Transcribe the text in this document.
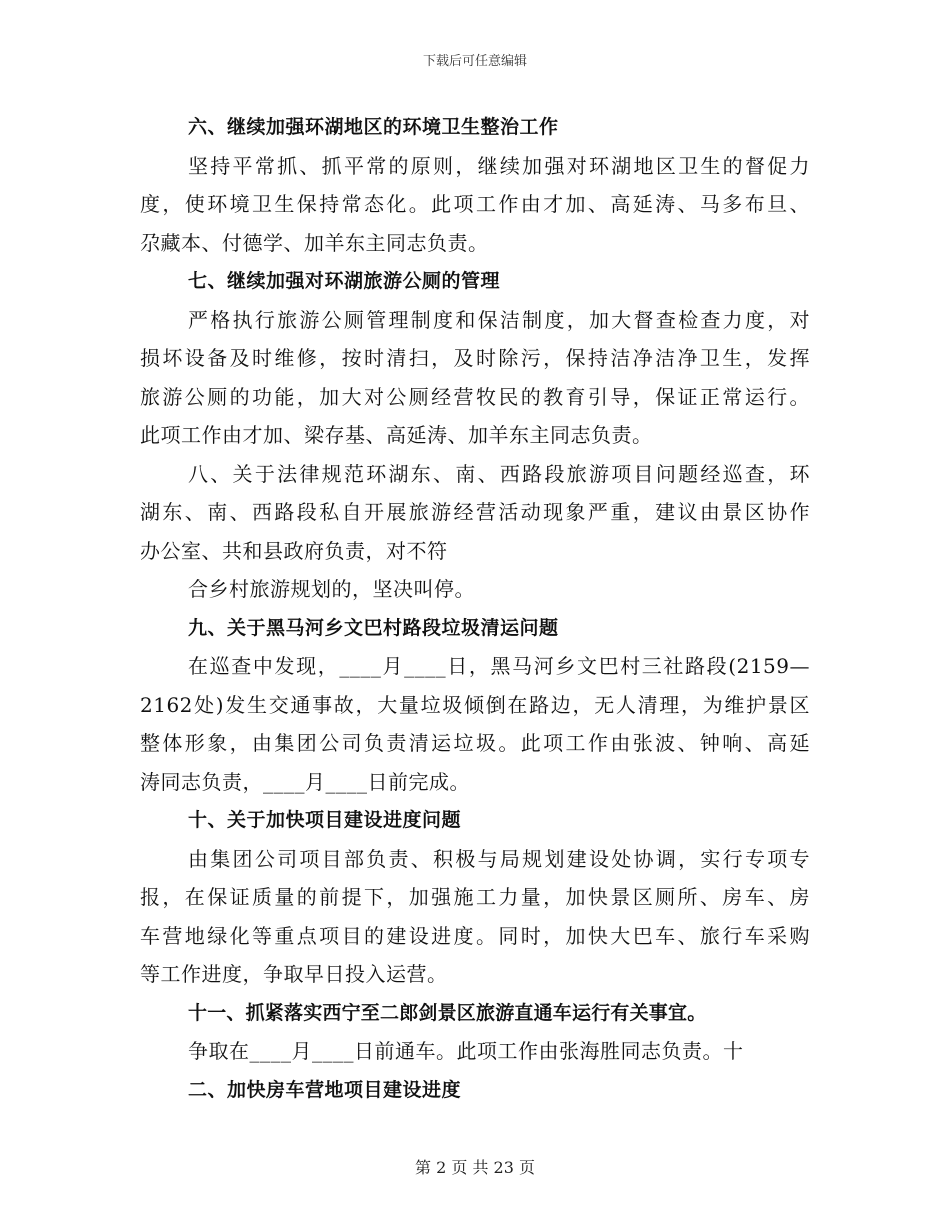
下载后可任意编辑
六、继续加强环湖地区的环境卫生整治工作
坚持平常抓、抓平常的原则，继续加强对环湖地区卫生的督促力
度，使环境卫生保持常态化。此项工作由才加、高延涛、马多布旦、
尕藏本、付德学、加羊东主同志负责。
七、继续加强对环湖旅游公厕的管理
严格执行旅游公厕管理制度和保洁制度，加大督查检查力度，对
损坏设备及时维修，按时清扫，及时除污，保持洁净洁净卫生，发挥
旅游公厕的功能，加大对公厕经营牧民的教育引导，保证正常运行。
此项工作由才加、梁存基、高延涛、加羊东主同志负责。
八、关于法律规范环湖东、南、西路段旅游项目问题经巡查，环
湖东、南、西路段私自开展旅游经营活动现象严重，建议由景区协作
办公室、共和县政府负责，对不符
合乡村旅游规划的，坚决叫停。
九、关于黑马河乡文巴村路段垃圾清运问题
在巡查中发现，____月____日，黑马河乡文巴村三社路段(2159—
2162处)发生交通事故，大量垃圾倾倒在路边，无人清理，为维护景区
整体形象，由集团公司负责清运垃圾。此项工作由张波、钟响、高延
涛同志负责，____月____日前完成。
十、关于加快项目建设进度问题
由集团公司项目部负责、积极与局规划建设处协调，实行专项专
报，在保证质量的前提下，加强施工力量，加快景区厕所、房车、房
车营地绿化等重点项目的建设进度。同时，加快大巴车、旅行车采购
等工作进度，争取早日投入运营。
十一、抓紧落实西宁至二郎剑景区旅游直通车运行有关事宜。
争取在____月____日前通车。此项工作由张海胜同志负责。十
二、加快房车营地项目建设进度
第 2 页 共 23 页
